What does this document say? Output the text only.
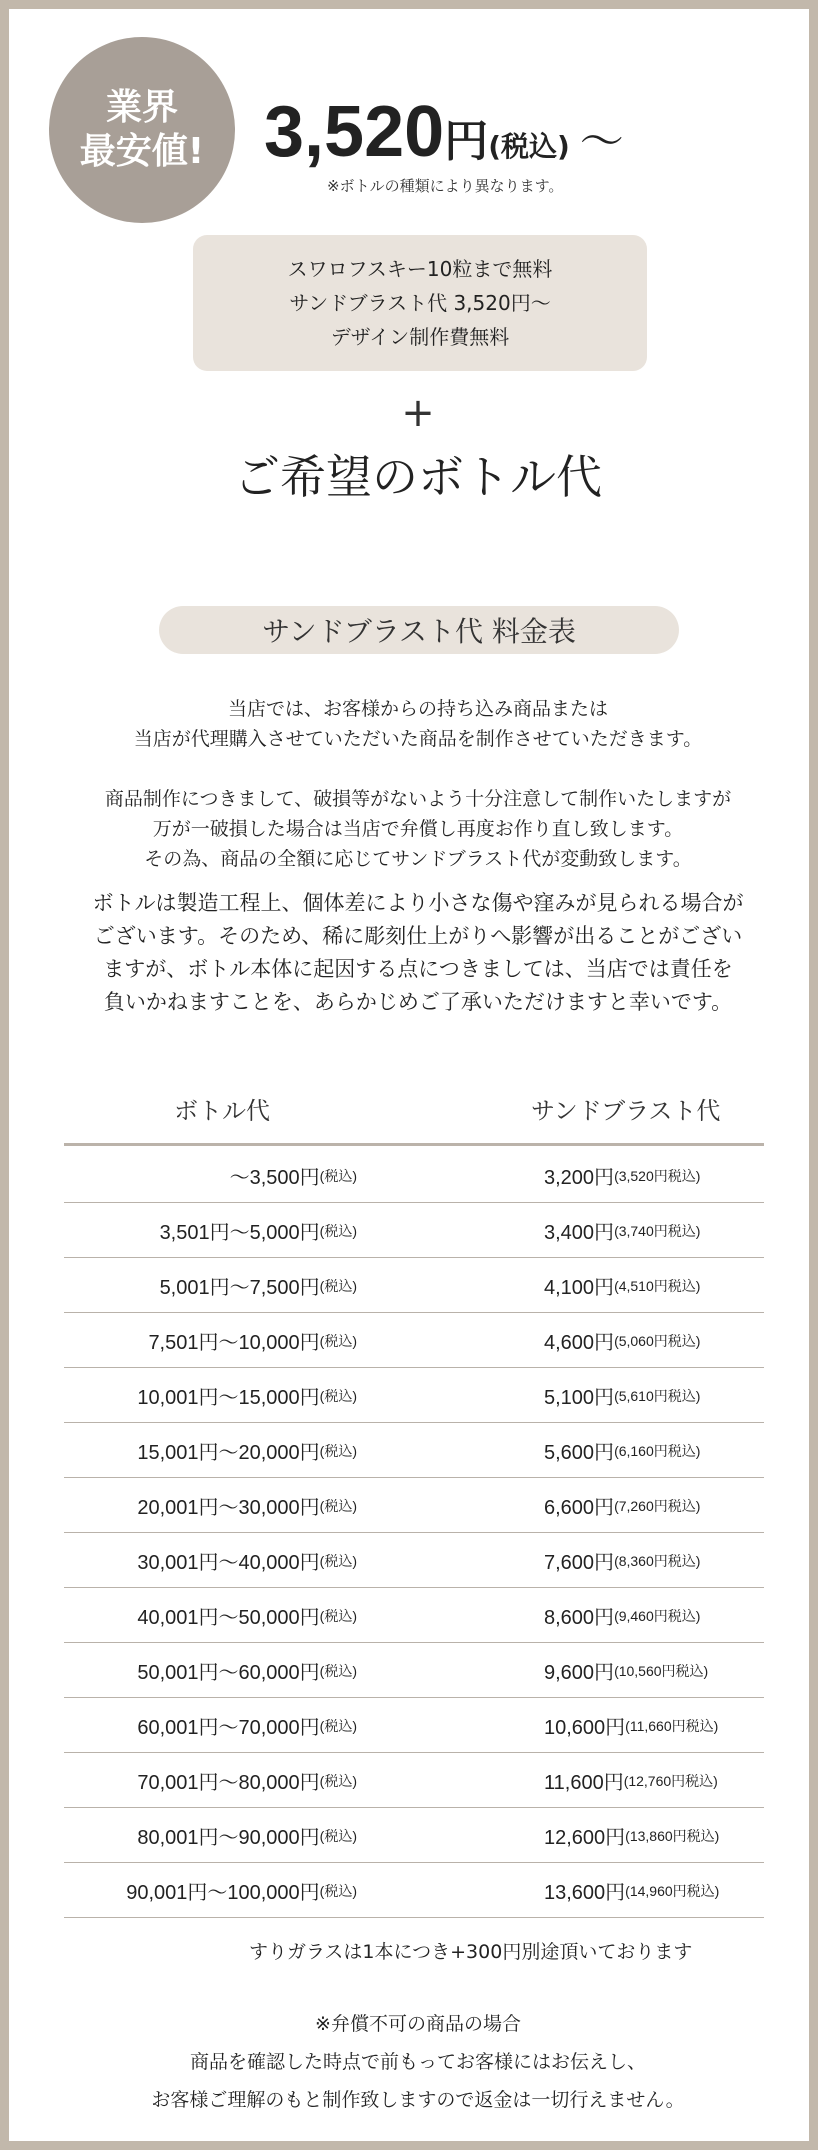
業界
最安値! 3,520 円 (税込) 〜
※ボトルの種類により異なります。
スワロフスキー10粒まで無料
サンドブラスト代 3,520円〜
デザイン制作費無料
+
ご希望のボトル代
サンドブラスト代 料金表
当店では、お客様からの持ち込み商品または
当店が代理購入させていただいた商品を制作させていただきます。
商品制作につきまして、破損等がないよう十分注意して制作いたしますが
万が一破損した場合は当店で弁償し再度お作り直し致します。
その為、商品の全額に応じてサンドブラスト代が変動致します。
ボトルは製造工程上、個体差により小さな傷や窪みが見られる場合が
ございます。そのため、稀に彫刻仕上がりへ影響が出ることがござい
ますが、ボトル本体に起因する点につきましては、当店では責任を
負いかねますことを、あらかじめご了承いただけますと幸いです。
ボトル代	サンドブラスト代
〜3,500円 (税込)	3,200円 (3,520円税込)
3,501円〜5,000円 (税込)	3,400円 (3,740円税込)
5,001円〜7,500円 (税込)	4,100円 (4,510円税込)
7,501円〜10,000円 (税込)	4,600円 (5,060円税込)
10,001円〜15,000円 (税込)	5,100円 (5,610円税込)
15,001円〜20,000円 (税込)	5,600円 (6,160円税込)
20,001円〜30,000円 (税込)	6,600円 (7,260円税込)
30,001円〜40,000円 (税込)	7,600円 (8,360円税込)
40,001円〜50,000円 (税込)	8,600円 (9,460円税込)
50,001円〜60,000円 (税込)	9,600円 (10,560円税込)
60,001円〜70,000円 (税込)	10,600円 (11,660円税込)
70,001円〜80,000円 (税込)	11,600円 (12,760円税込)
80,001円〜90,000円 (税込)	12,600円 (13,860円税込)
90,001円〜100,000円 (税込)	13,600円 (14,960円税込)
すりガラスは1本につき+300円別途頂いております
※弁償不可の商品の場合
商品を確認した時点で前もってお客様にはお伝えし、
お客様ご理解のもと制作致しますので返金は一切行えません。
